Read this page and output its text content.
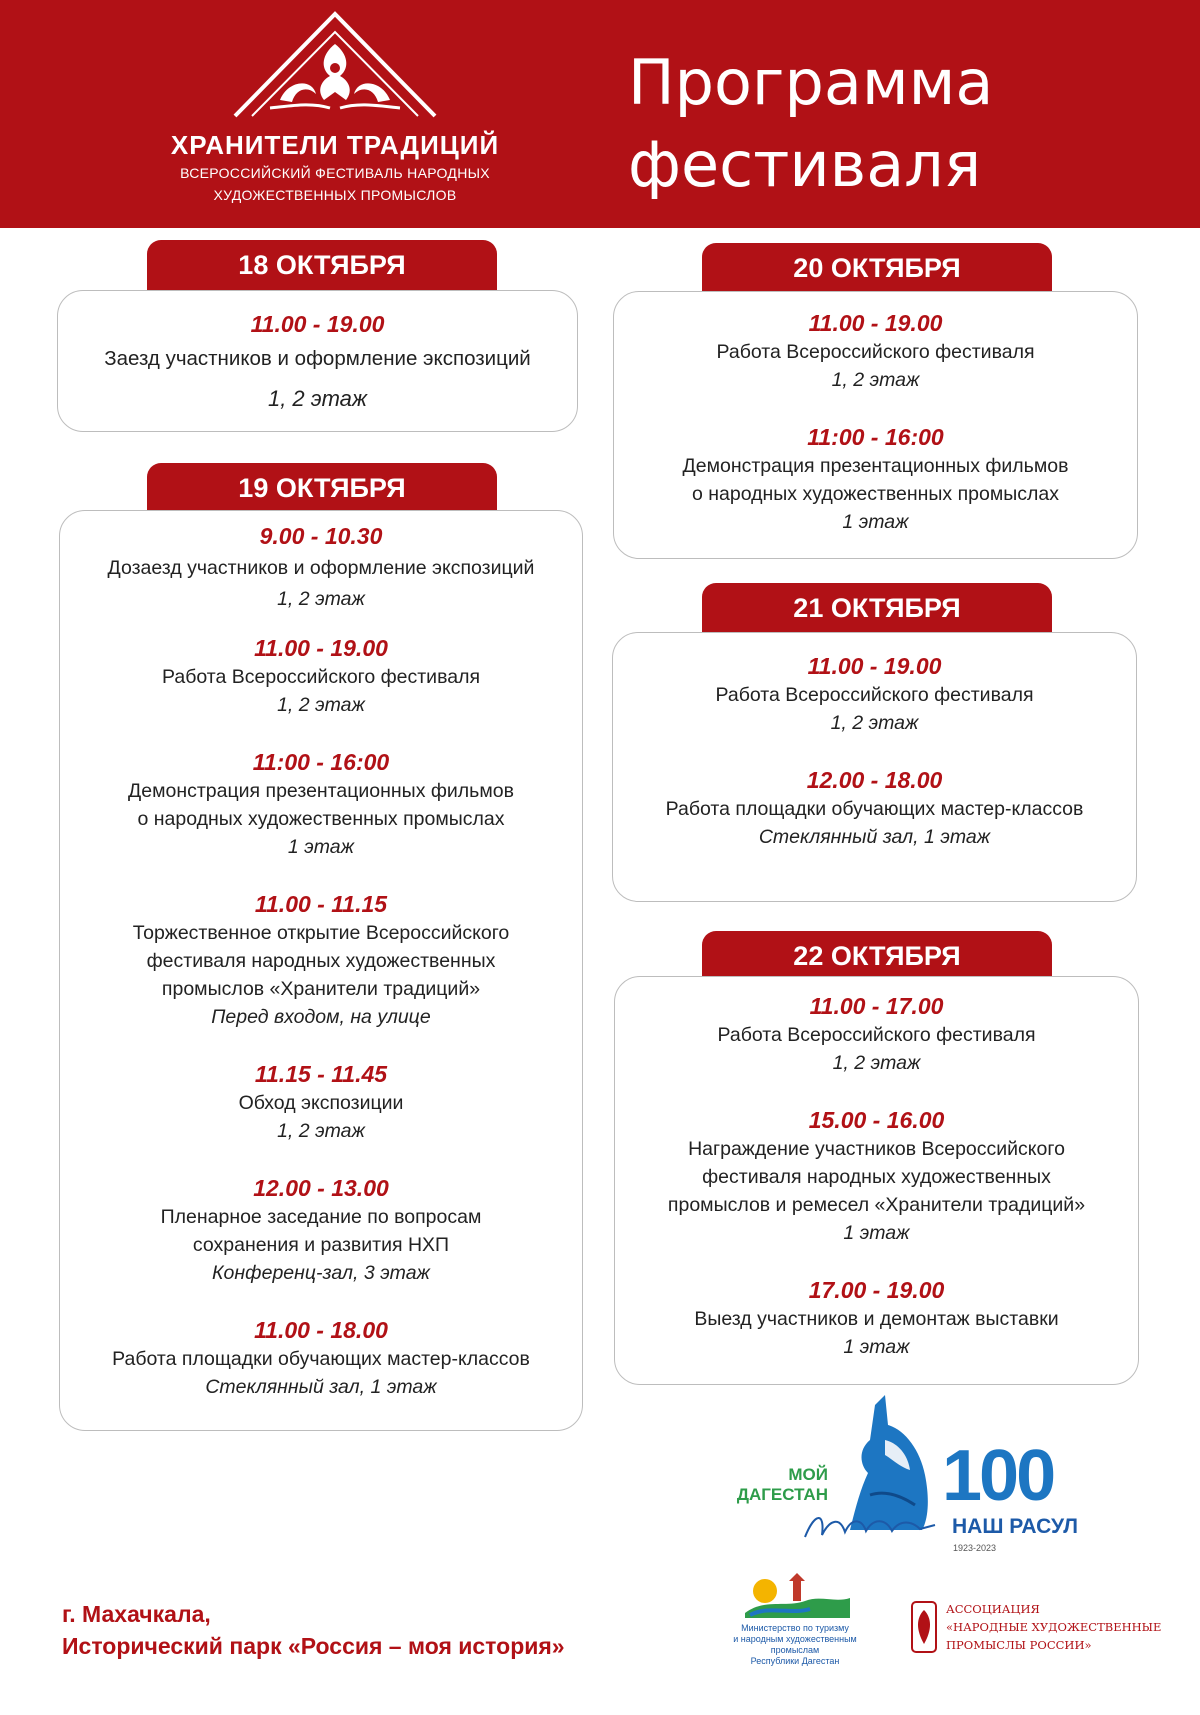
ХРАНИТЕЛИ ТРАДИЦИЙ
ВСЕРОССИЙСКИЙ ФЕСТИВАЛЬ НАРОДНЫХ
ХУДОЖЕСТВЕННЫХ ПРОМЫСЛОВ
Программа
фестиваля
18 ОКТЯБРЯ
19 ОКТЯБРЯ
20 ОКТЯБРЯ
21 ОКТЯБРЯ
22 ОКТЯБРЯ
11.00 - 19.00
Заезд участников и оформление экспозиций
1, 2 этаж
9.00 - 10.30
Дозаезд участников и оформление экспозиций
1, 2 этаж
11.00 - 19.00
Работа Всероссийского фестиваля
1, 2 этаж
11:00 - 16:00
Демонстрация презентационных фильмов
о народных художественных промыслах
1 этаж
11.00 - 11.15
Торжественное открытие Всероссийского
фестиваля народных художественных
промыслов «Хранители традиций»
Перед входом, на улице
11.15 - 11.45
Обход экспозиции
1, 2 этаж
12.00 - 13.00
Пленарное заседание по вопросам
сохранения и развития НХП
Конференц-зал, 3 этаж
11.00 - 18.00
Работа площадки обучающих мастер-классов
Стеклянный зал, 1 этаж
11.00 - 19.00
Работа Всероссийского фестиваля
1, 2 этаж
11:00 - 16:00
Демонстрация презентационных фильмов
о народных художественных промыслах
1 этаж
11.00 - 19.00
Работа Всероссийского фестиваля
1, 2 этаж
12.00 - 18.00
Работа площадки обучающих мастер-классов
Стеклянный зал, 1 этаж
11.00 - 17.00
Работа Всероссийского фестиваля
1, 2 этаж
15.00 - 16.00
Награждение участников Всероссийского
фестиваля народных художественных
промыслов и ремесел «Хранители традиций»
1 этаж
17.00 - 19.00
Выезд участников и демонтаж выставки
1 этаж
МОЙ
ДАГЕСТАН 100
НАШ РАСУЛ
1923-2023
Министерство по туризму
и народным художественным
промыслам
Республики Дагестан
АССОЦИАЦИЯ
«НАРОДНЫЕ ХУДОЖЕСТВЕННЫЕ
ПРОМЫСЛЫ РОССИИ»
г. Махачкала,
Исторический парк «Россия – моя история»
